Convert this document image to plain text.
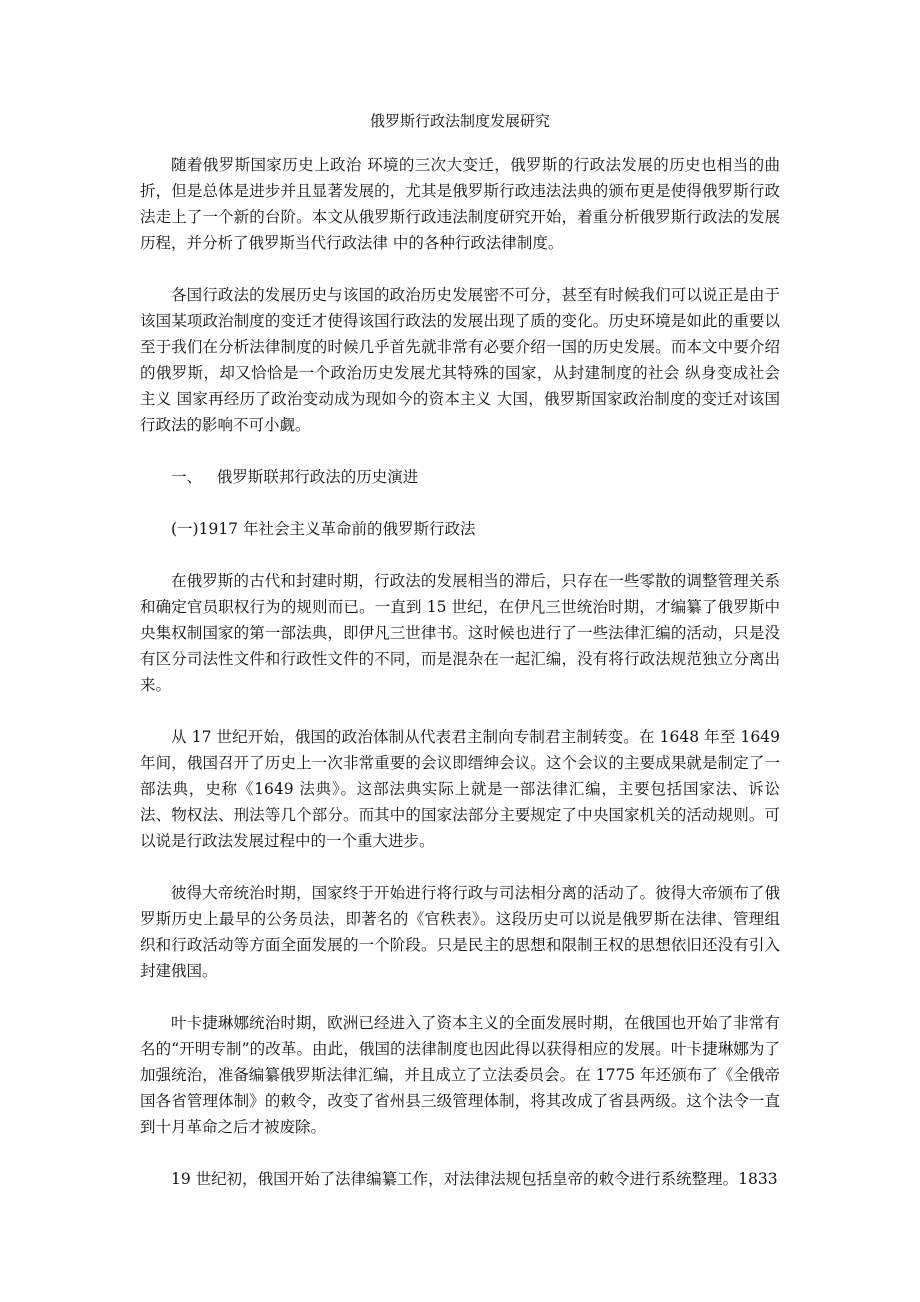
俄罗斯行政法制度发展研究

随着俄罗斯国家历史上政治 环境的三次大变迁，俄罗斯的行政法发展的历史也相当的曲折，但是总体是进步并且显著发展的，尤其是俄罗斯行政违法法典的颁布更是使得俄罗斯行政法走上了一个新的台阶。本文从俄罗斯行政违法制度研究开始，着重分析俄罗斯行政法的发展历程，并分析了俄罗斯当代行政法律 中的各种行政法律制度。

各国行政法的发展历史与该国的政治历史发展密不可分，甚至有时候我们可以说正是由于该国某项政治制度的变迁才使得该国行政法的发展出现了质的变化。历史环境是如此的重要以至于我们在分析法律制度的时候几乎首先就非常有必要介绍一国的历史发展。而本文中要介绍的俄罗斯，却又恰恰是一个政治历史发展尤其特殊的国家，从封建制度的社会 纵身变成社会主义 国家再经历了政治变动成为现如今的资本主义 大国，俄罗斯国家政治制度的变迁对该国行政法的影响不可小觑。

一、   俄罗斯联邦行政法的历史演进
(一)1917 年社会主义革命前的俄罗斯行政法

在俄罗斯的古代和封建时期，行政法的发展相当的滞后，只存在一些零散的调整管理关系和确定官员职权行为的规则而已。一直到 15 世纪，在伊凡三世统治时期，才编纂了俄罗斯中央集权制国家的第一部法典，即伊凡三世律书。这时候也进行了一些法律汇编的活动，只是没有区分司法性文件和行政性文件的不同，而是混杂在一起汇编，没有将行政法规范独立分离出来。

从 17 世纪开始，俄国的政治体制从代表君主制向专制君主制转变。在 1648 年至 1649 年间，俄国召开了历史上一次非常重要的会议即缙绅会议。这个会议的主要成果就是制定了一部法典，史称《1649 法典》。这部法典实际上就是一部法律汇编，主要包括国家法、诉讼法、物权法、刑法等几个部分。而其中的国家法部分主要规定了中央国家机关的活动规则。可以说是行政法发展过程中的一个重大进步。

彼得大帝统治时期，国家终于开始进行将行政与司法相分离的活动了。彼得大帝颁布了俄罗斯历史上最早的公务员法，即著名的《官秩表》。这段历史可以说是俄罗斯在法律、管理组织和行政活动等方面全面发展的一个阶段。只是民主的思想和限制王权的思想依旧还没有引入封建俄国。

叶卡捷琳娜统治时期，欧洲已经进入了资本主义的全面发展时期，在俄国也开始了非常有名的“开明专制”的改革。由此，俄国的法律制度也因此得以获得相应的发展。叶卡捷琳娜为了加强统治，准备编纂俄罗斯法律汇编，并且成立了立法委员会。在 1775 年还颁布了《全俄帝国各省管理体制》的敕令，改变了省州县三级管理体制，将其改成了省县两级。这个法令一直到十月革命之后才被废除。

19 世纪初，俄国开始了法律编纂工作，对法律法规包括皇帝的敕令进行系统整理。1833
